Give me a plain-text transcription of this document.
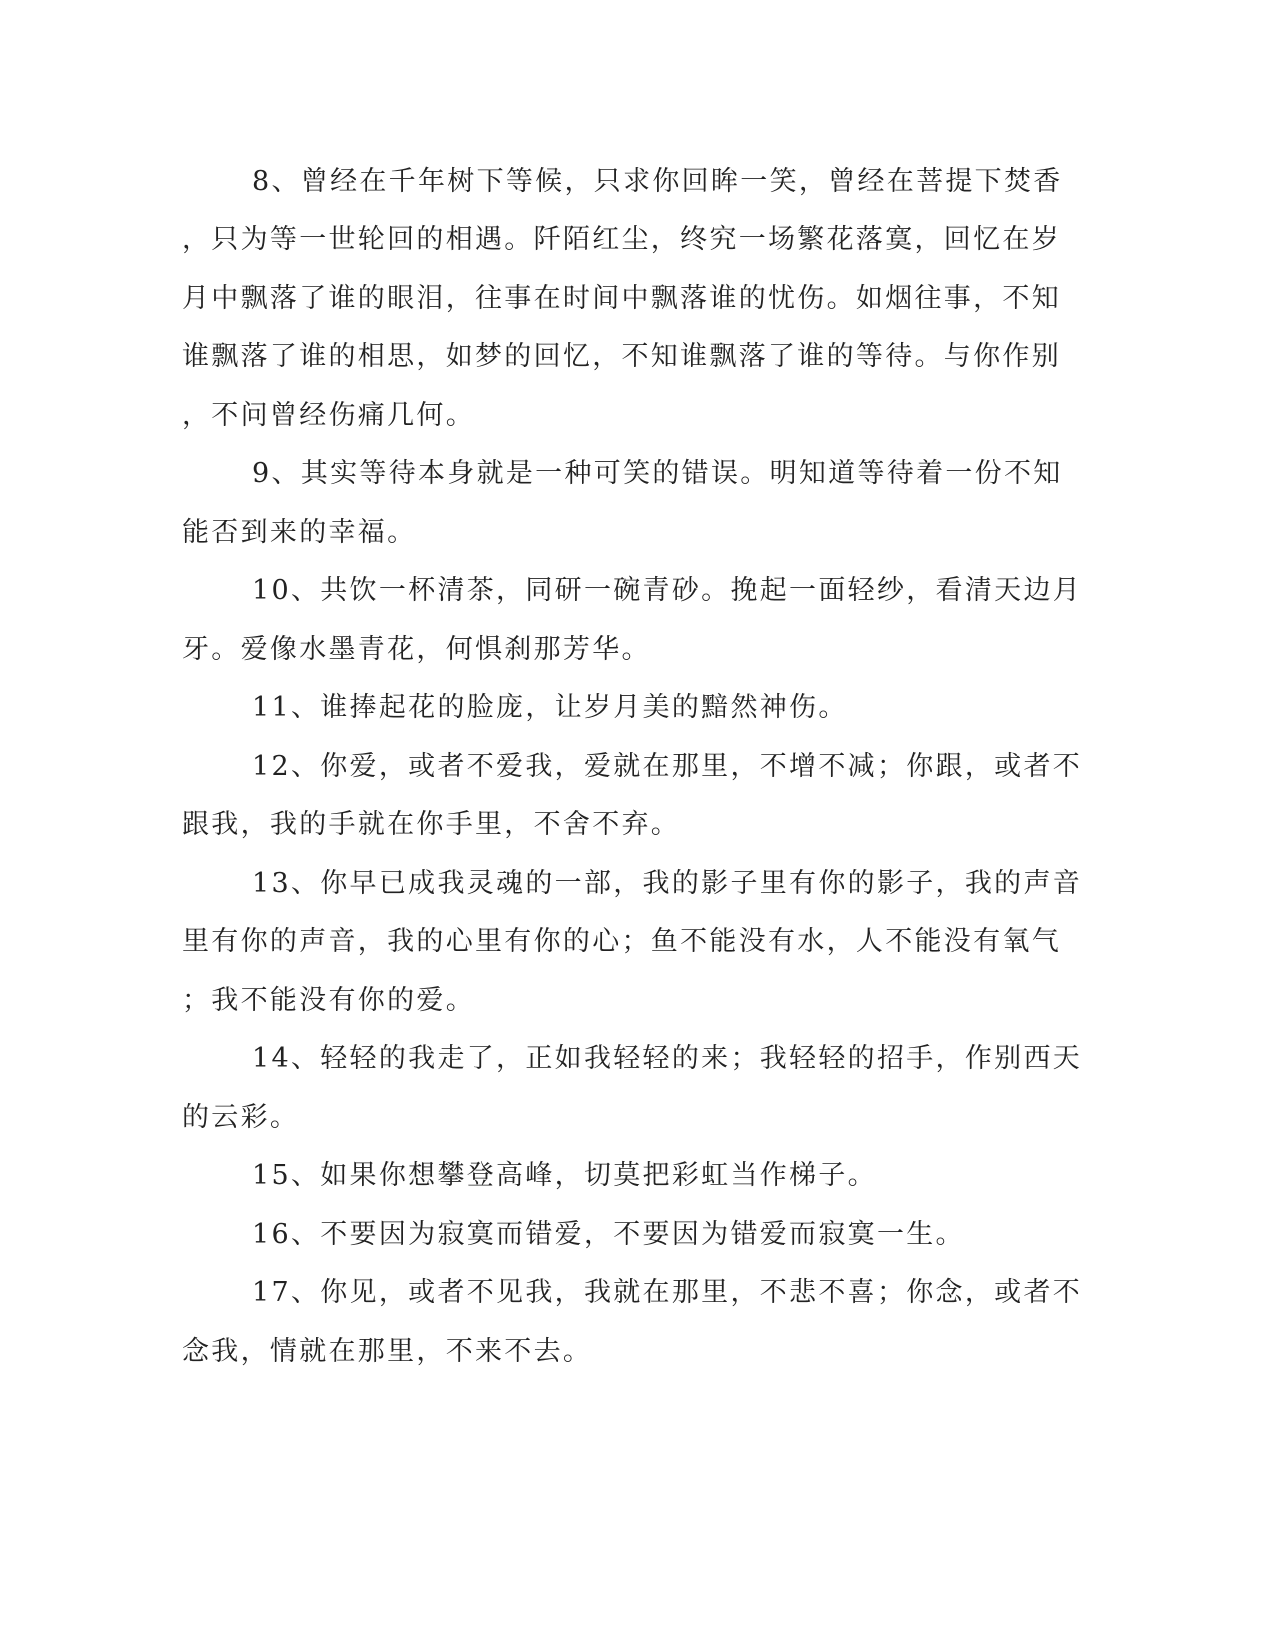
8、曾经在千年树下等候，只求你回眸一笑，曾经在菩提下焚香
，只为等一世轮回的相遇。阡陌红尘，终究一场繁花落寞，回忆在岁
月中飘落了谁的眼泪，往事在时间中飘落谁的忧伤。如烟往事，不知
谁飘落了谁的相思，如梦的回忆，不知谁飘落了谁的等待。与你作别
，不问曾经伤痛几何。
9、其实等待本身就是一种可笑的错误。明知道等待着一份不知
能否到来的幸福。
10、共饮一杯清茶，同研一碗青砂。挽起一面轻纱，看清天边月
牙。爱像水墨青花，何惧刹那芳华。
11、谁捧起花的脸庞，让岁月美的黯然神伤。
12、你爱，或者不爱我，爱就在那里，不增不减；你跟，或者不
跟我，我的手就在你手里，不舍不弃。
13、你早已成我灵魂的一部，我的影子里有你的影子，我的声音
里有你的声音，我的心里有你的心；鱼不能没有水，人不能没有氧气
；我不能没有你的爱。
14、轻轻的我走了，正如我轻轻的来；我轻轻的招手，作别西天
的云彩。
15、如果你想攀登高峰，切莫把彩虹当作梯子。
16、不要因为寂寞而错爱，不要因为错爱而寂寞一生。
17、你见，或者不见我，我就在那里，不悲不喜；你念，或者不
念我，情就在那里，不来不去。
